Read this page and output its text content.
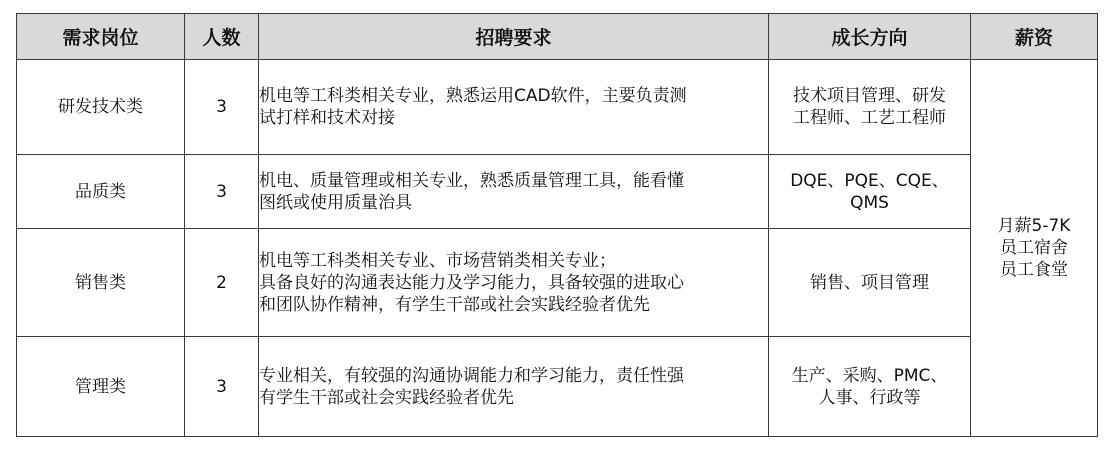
需求岗位	人数	招聘要求	成长方向	薪资
研发技术类	3	机电等工科类相关专业，熟悉运用CAD软件，主要负责测
试打样和技术对接	技术项目管理、研发
工程师、工艺工程师	月薪5-7K
员工宿舍
员工食堂

品质类	3	机电、质量管理或相关专业，熟悉质量管理工具，能看懂
图纸或使用质量治具	DQE、PQE、CQE、
QMS	

销售类	2	机电等工科类相关专业、市场营销类相关专业；
具备良好的沟通表达能力及学习能力，具备较强的进取心
和团队协作精神，有学生干部或社会实践经验者优先	销售、项目管理	

管理类	3	专业相关，有较强的沟通协调能力和学习能力，责任性强
有学生干部或社会实践经验者优先	生产、采购、PMC、
人事、行政等	
